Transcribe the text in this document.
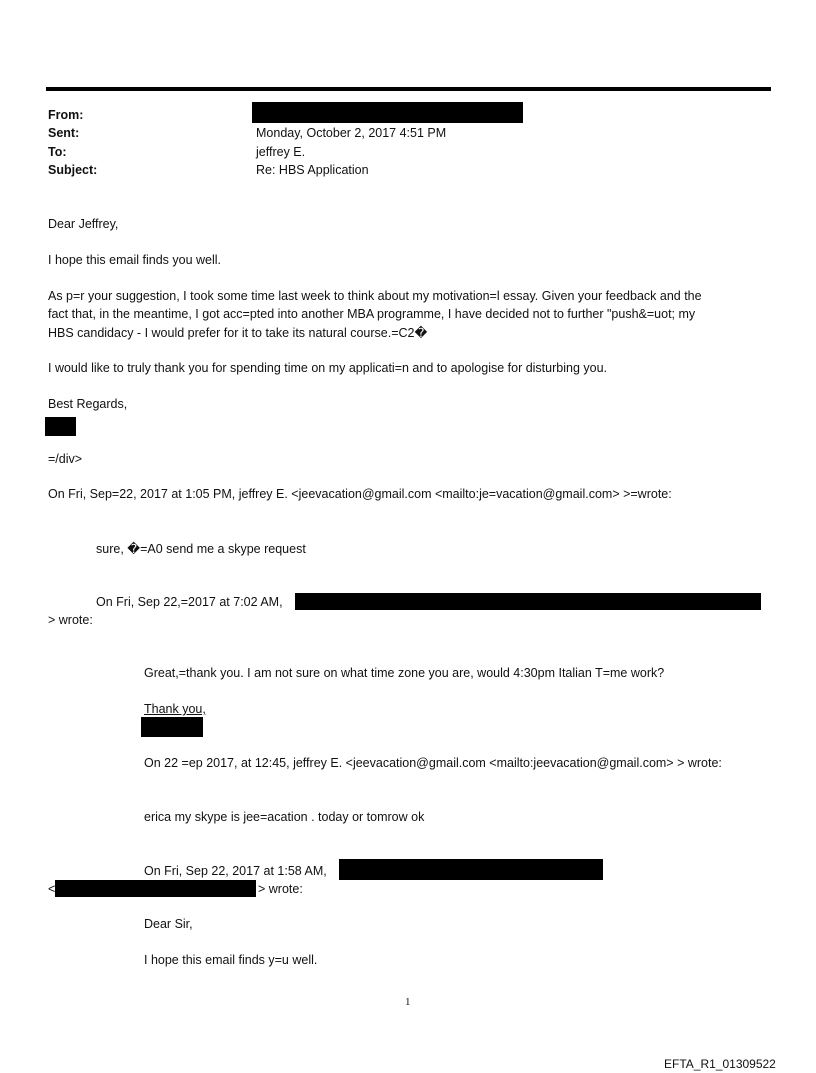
From:
Sent:	Monday, October 2, 2017 4:51 PM
To:	jeffrey E.
Subject:	Re: HBS Application
Dear Jeffrey,
I hope this email finds you well.
As p=r your suggestion, I took some time last week to think about my motivation=l essay. Given your feedback and the
fact that, in the meantime, I got acc=pted into another MBA programme, I have decided not to further "push&=uot; my
HBS candidacy - I would prefer for it to take its natural course.=C2�
I would like to truly thank you for spending time on my applicati=n and to apologise for disturbing you.
Best Regards,
=/div>
On Fri, Sep=22, 2017 at 1:05 PM, jeffrey E. <jeevacation@gmail.com <mailto:je=vacation@gmail.com> >=wrote:
sure, �=A0 send me a skype request
On Fri, Sep 22,=2017 at 7:02 AM,
> wrote:
Great,=thank you. I am not sure on what time zone you are, would 4:30pm Italian T=me work?
Thank you,
On 22 =ep 2017, at 12:45, jeffrey E. <jeevacation@gmail.com <mailto:jeevacation@gmail.com> > wrote:
erica my skype is jee=acation . today or tomrow ok
On Fri, Sep 22, 2017 at 1:58 AM,
<	> wrote:
Dear Sir,
I hope this email finds y=u well.
1
EFTA_R1_01309522
